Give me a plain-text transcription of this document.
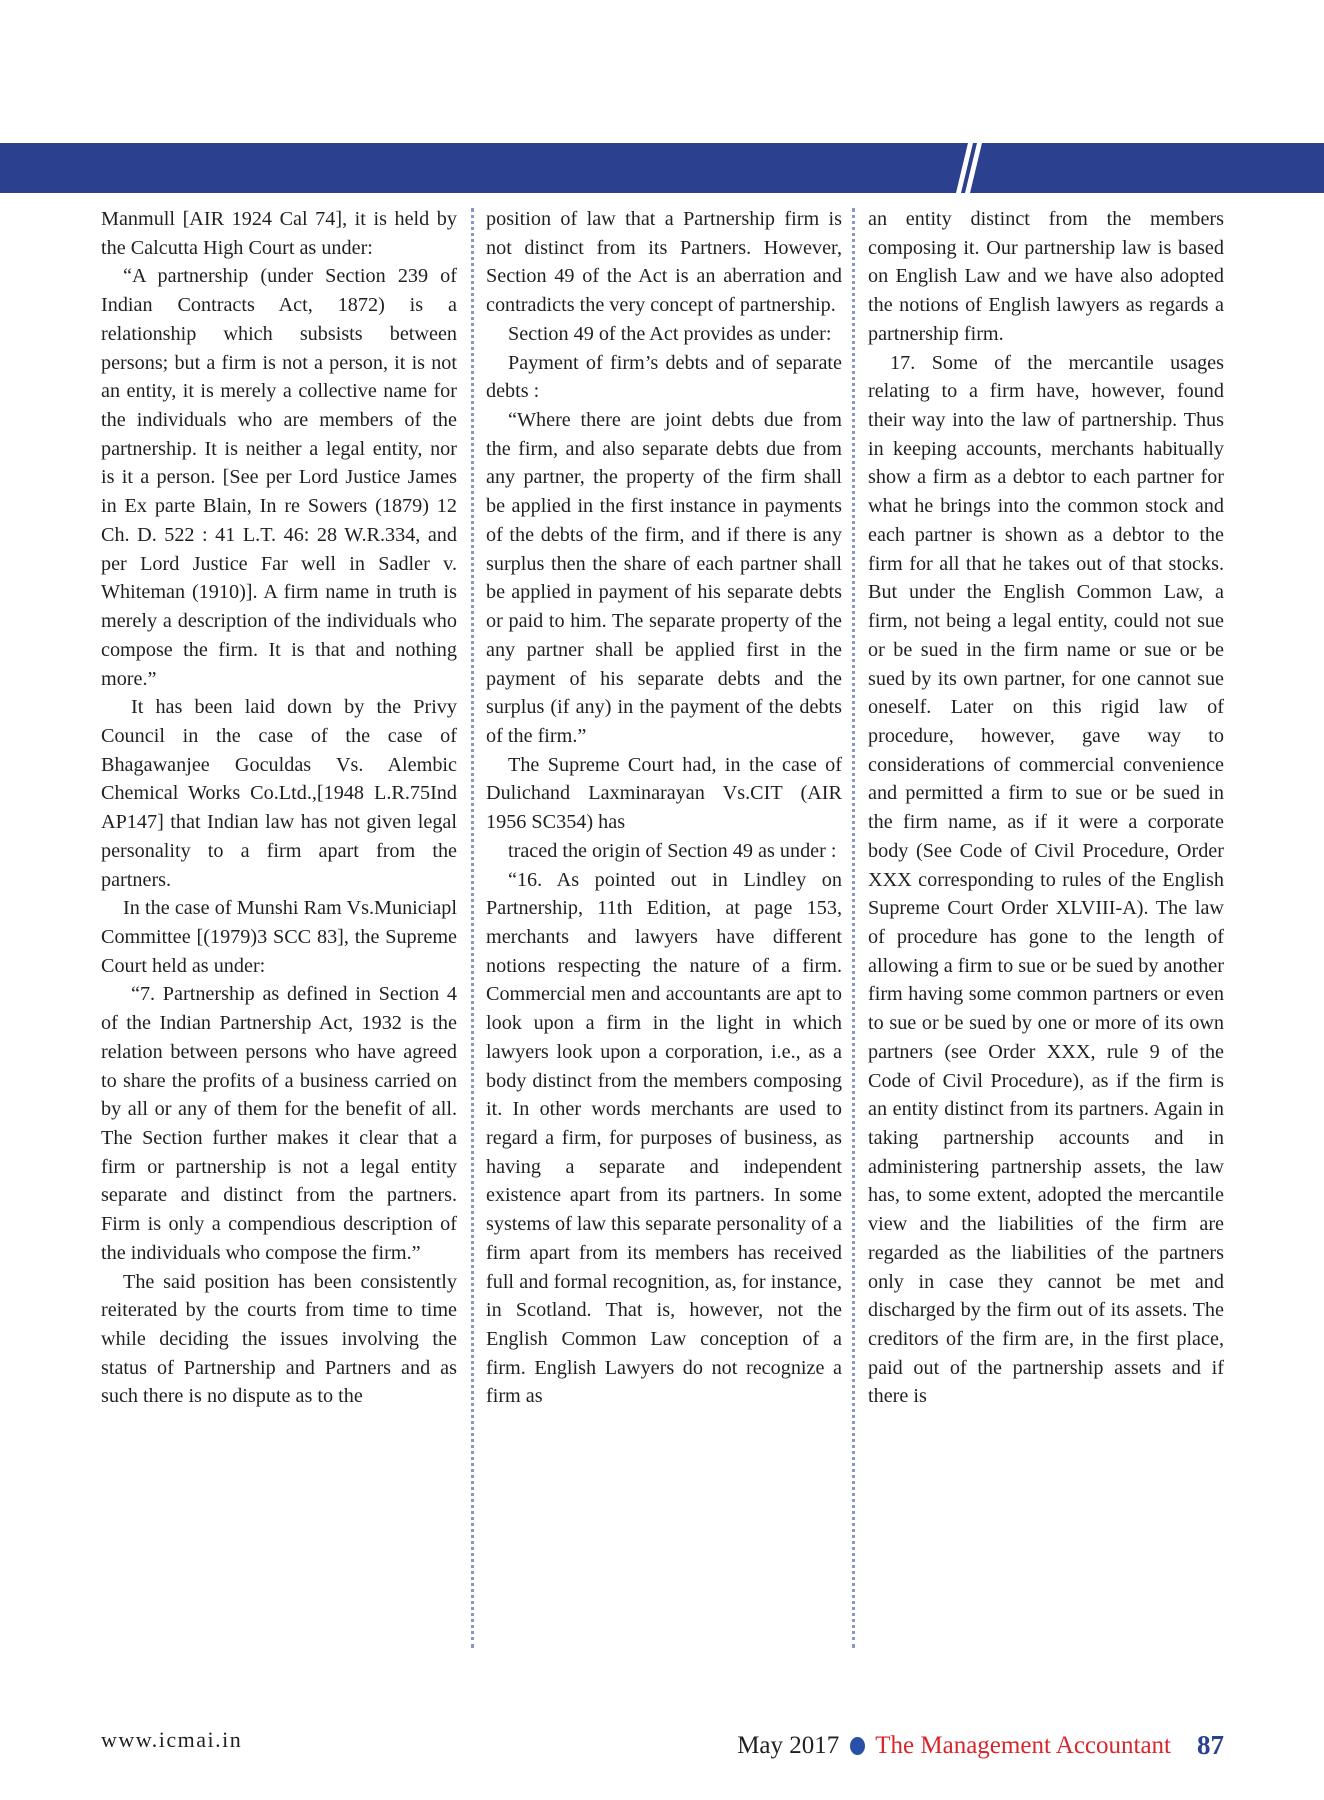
Manmull [AIR 1924 Cal 74], it is held by the Calcutta High Court as under:

“A partnership (under Section 239 of Indian Contracts Act, 1872) is a relationship which subsists between persons; but a firm is not a person, it is not an entity, it is merely a collective name for the individuals who are members of the partnership. It is neither a legal entity, nor is it a person. [See per Lord Justice James in Ex parte Blain, In re Sowers (1879) 12 Ch. D. 522 : 41 L.T. 46: 28 W.R.334, and per Lord Justice Far well in Sadler v. Whiteman (1910)]. A firm name in truth is merely a description of the individuals who compose the firm. It is that and nothing more.”

It has been laid down by the Privy Council in the case of the case of Bhagawanjee Goculdas Vs. Alembic Chemical Works Co.Ltd.,[1948 L.R.75Ind AP147] that Indian law has not given legal personality to a firm apart from the partners.

In the case of Munshi Ram Vs.Municiapl Committee [(1979)3 SCC 83], the Supreme Court held as under:

“7. Partnership as defined in Section 4 of the Indian Partnership Act, 1932 is the relation between persons who have agreed to share the profits of a business carried on by all or any of them for the benefit of all. The Section further makes it clear that a firm or partnership is not a legal entity separate and distinct from the partners. Firm is only a compendious description of the individuals who compose the firm.”

The said position has been consistently reiterated by the courts from time to time while deciding the issues involving the status of Partnership and Partners and as such there is no dispute as to the

position of law that a Partnership firm is not distinct from its Partners. However, Section 49 of the Act is an aberration and contradicts the very concept of partnership.

Section 49 of the Act provides as under:

Payment of firm’s debts and of separate debts :

“Where there are joint debts due from the firm, and also separate debts due from any partner, the property of the firm shall be applied in the first instance in payments of the debts of the firm, and if there is any surplus then the share of each partner shall be applied in payment of his separate debts or paid to him. The separate property of the any partner shall be applied first in the payment of his separate debts and the surplus (if any) in the payment of the debts of the firm.”

The Supreme Court had, in the case of Dulichand Laxminarayan Vs.CIT (AIR 1956 SC354) has

traced the origin of Section 49 as under :

“16. As pointed out in Lindley on Partnership, 11th Edition, at page 153, merchants and lawyers have different notions respecting the nature of a firm. Commercial men and accountants are apt to look upon a firm in the light in which lawyers look upon a corporation, i.e., as a body distinct from the members composing it. In other words merchants are used to regard a firm, for purposes of business, as having a separate and independent existence apart from its partners. In some systems of law this separate personality of a firm apart from its members has received full and formal recognition, as, for instance, in Scotland. That is, however, not the English Common Law conception of a firm. English Lawyers do not recognize a firm as

an entity distinct from the members composing it. Our partnership law is based on English Law and we have also adopted the notions of English lawyers as regards a partnership firm.

17. Some of the mercantile usages relating to a firm have, however, found their way into the law of partnership. Thus in keeping accounts, merchants habitually show a firm as a debtor to each partner for what he brings into the common stock and each partner is shown as a debtor to the firm for all that he takes out of that stocks. But under the English Common Law, a firm, not being a legal entity, could not sue or be sued in the firm name or sue or be sued by its own partner, for one cannot sue oneself. Later on this rigid law of procedure, however, gave way to considerations of commercial convenience and permitted a firm to sue or be sued in the firm name, as if it were a corporate body (See Code of Civil Procedure, Order XXX corresponding to rules of the English Supreme Court Order XLVIII-A). The law of procedure has gone to the length of allowing a firm to sue or be sued by another firm having some common partners or even to sue or be sued by one or more of its own partners (see Order XXX, rule 9 of the Code of Civil Procedure), as if the firm is an entity distinct from its partners. Again in taking partnership accounts and in administering partnership assets, the law has, to some extent, adopted the mercantile view and the liabilities of the firm are regarded as the liabilities of the partners only in case they cannot be met and discharged by the firm out of its assets. The creditors of the firm are, in the first place, paid out of the partnership assets and if there is

www.icmai.in	May 2017 The Management Accountant 87
